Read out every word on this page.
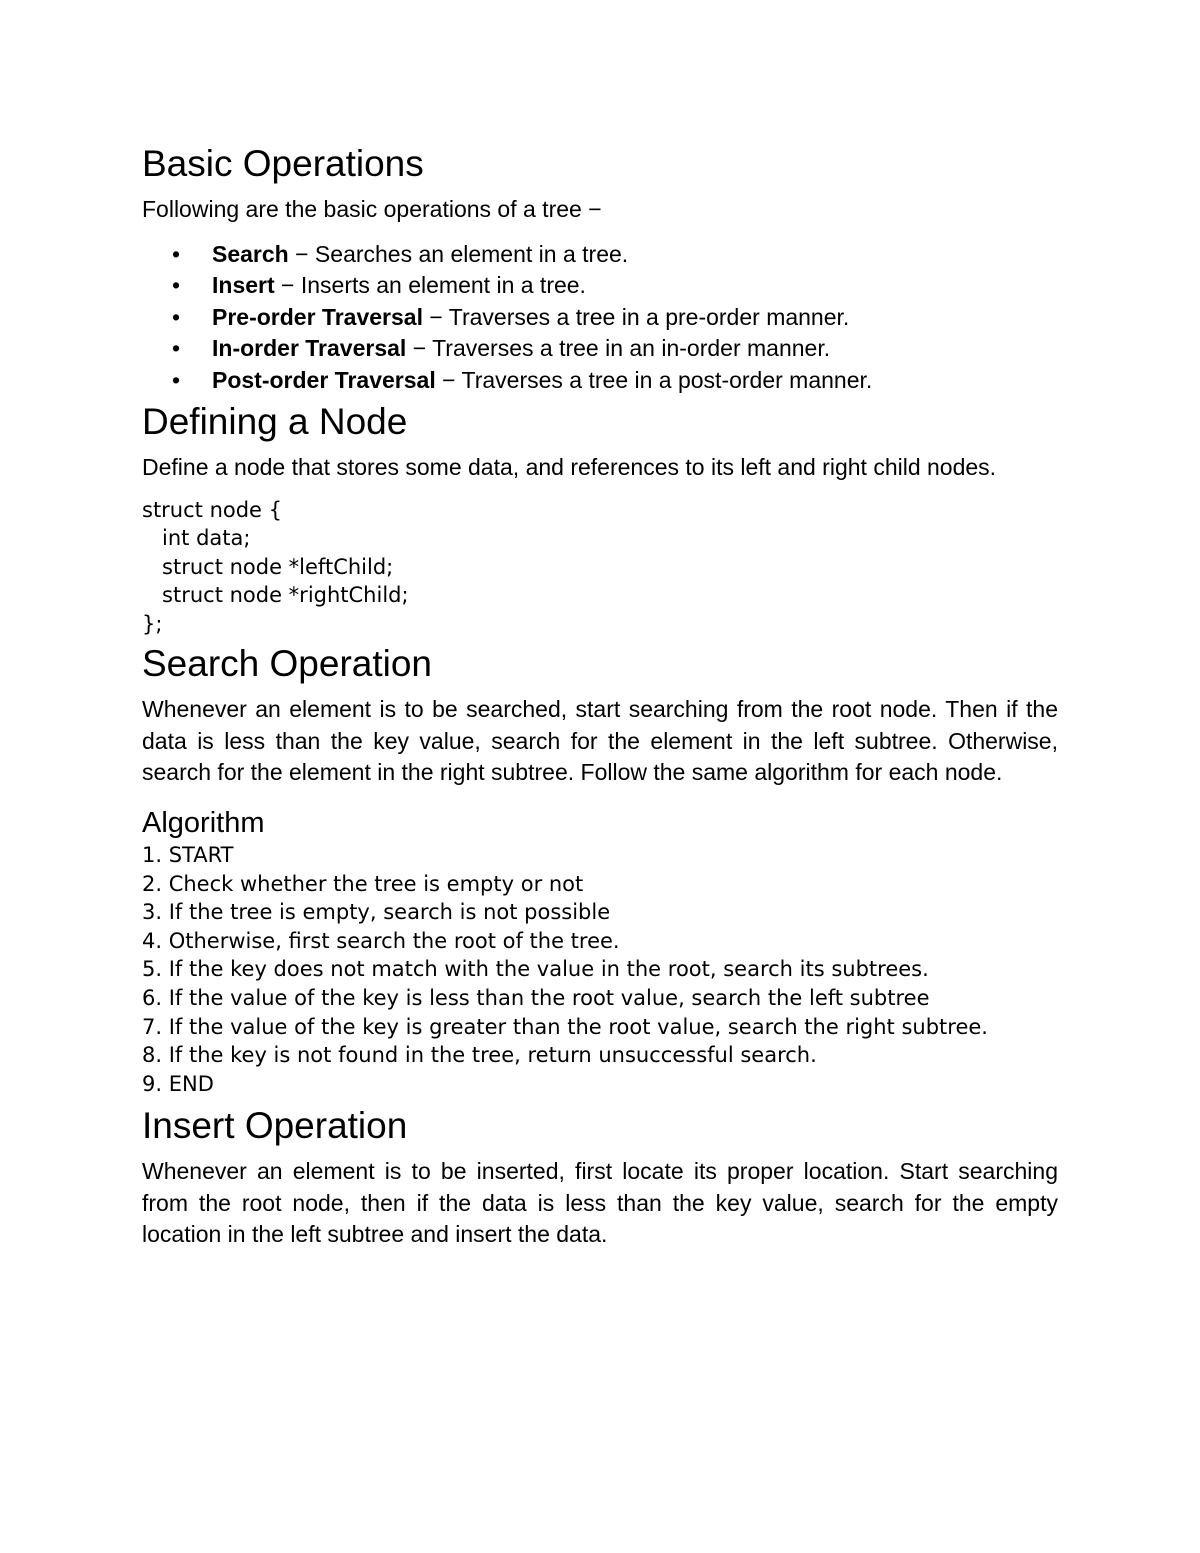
Basic Operations

Following are the basic operations of a tree −

• Search − Searches an element in a tree.
• Insert − Inserts an element in a tree.
• Pre-order Traversal − Traverses a tree in a pre-order manner.
• In-order Traversal − Traverses a tree in an in-order manner.
• Post-order Traversal − Traverses a tree in a post-order manner.
Defining a Node

Define a node that stores some data, and references to its left and right child nodes.

struct node {
int data;
struct node *leftChild;
struct node *rightChild;
};
Search Operation

Whenever an element is to be searched, start searching from the root node. Then if the data is less than the key value, search for the element in the left subtree. Otherwise, search for the element in the right subtree. Follow the same algorithm for each node.

Algorithm
1. START
2. Check whether the tree is empty or not
3. If the tree is empty, search is not possible
4. Otherwise, first search the root of the tree.
5. If the key does not match with the value in the root, search its subtrees.
6. If the value of the key is less than the root value, search the left subtree
7. If the value of the key is greater than the root value, search the right subtree.
8. If the key is not found in the tree, return unsuccessful search.
9. END
Insert Operation

Whenever an element is to be inserted, first locate its proper location. Start searching from the root node, then if the data is less than the key value, search for the empty location in the left subtree and insert the data.
